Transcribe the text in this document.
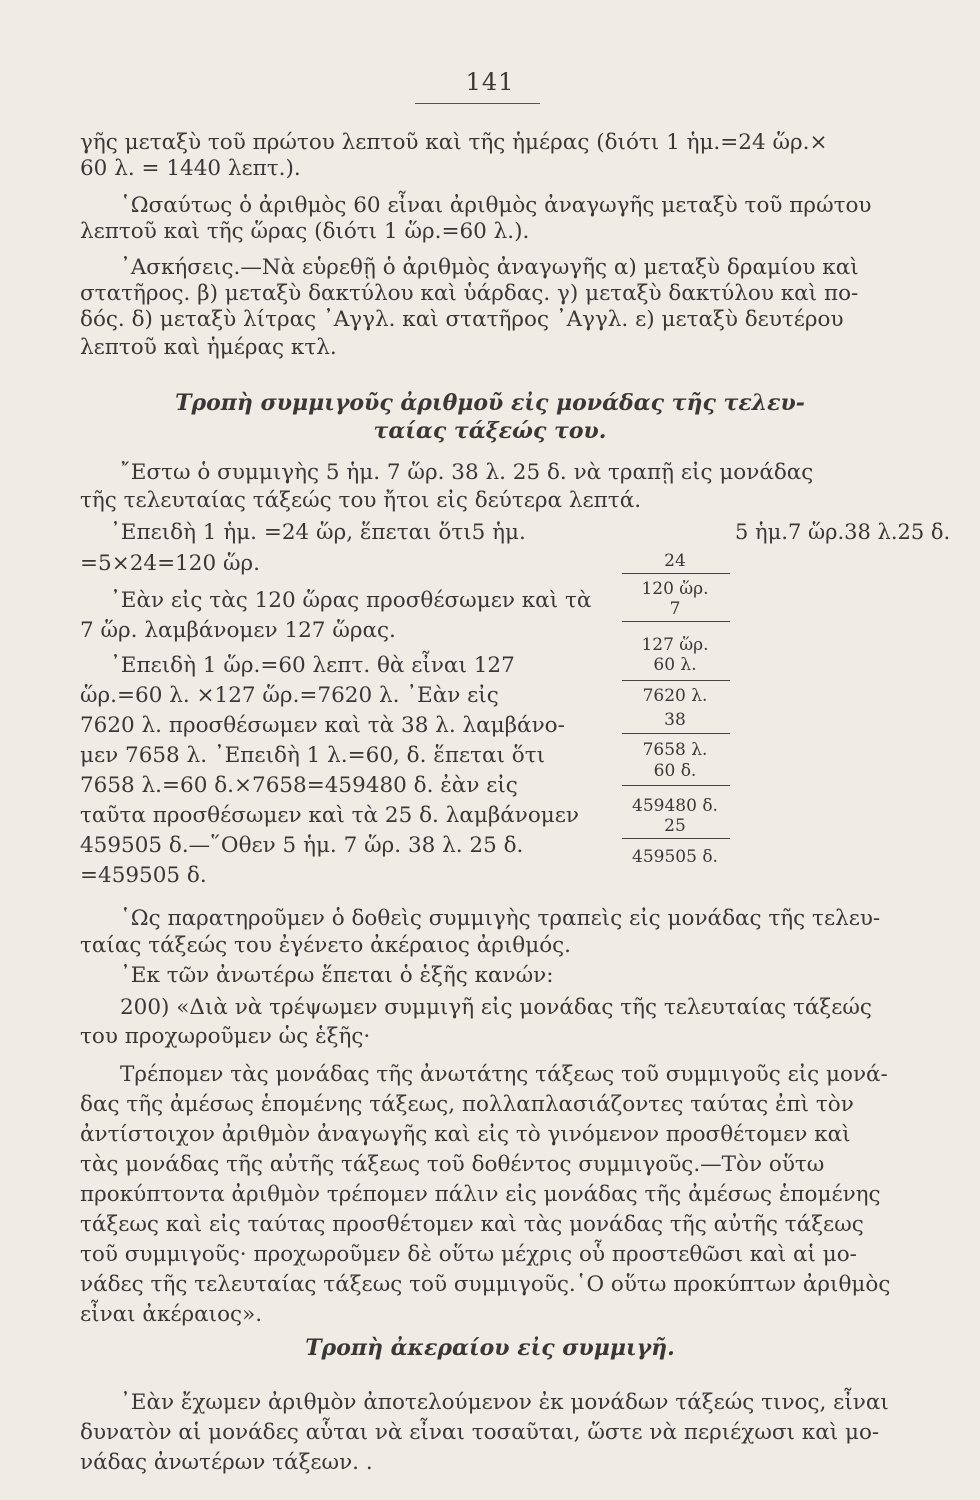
141
γῆς μεταξὺ τοῦ πρώτου λεπτοῦ καὶ τῆς ἡμέρας (διότι 1 ἡμ.=24 ὥρ.×
60 λ. = 1440 λεπτ.).
῾Ωσαύτως ὁ ἀριθμὸς 60 εἶναι ἀριθμὸς ἀναγωγῆς μεταξὺ τοῦ πρώτου
λεπτοῦ καὶ τῆς ὥρας (διότι 1 ὥρ.=60 λ.).
᾿Ασκήσεις.—Νὰ εὑρεθῇ ὁ ἀριθμὸς ἀναγωγῆς α) μεταξὺ δραμίου καὶ
στατῆρος. β) μεταξὺ δακτύλου καὶ ὑάρδας. γ) μεταξὺ δακτύλου καὶ πο-
δός. δ) μεταξὺ λίτρας ᾿Αγγλ. καὶ στατῆρος ᾿Αγγλ. ε) μεταξὺ δευτέρου
λεπτοῦ καὶ ἡμέρας κτλ.
Τροπὴ συμμιγοῦς ἀριθμοῦ εἰς μονάδας τῆς τελευ-
ταίας τάξεώς του.
῎Εστω ὁ συμμιγὴς 5 ἡμ. 7 ὥρ. 38 λ. 25 δ. νὰ τραπῇ εἰς μονάδας
τῆς τελευταίας τάξεώς του ἤτοι εἰς δεύτερα λεπτά.
᾿Επειδὴ 1 ἡμ. =24 ὥρ, ἕπεται ὅτι5 ἡμ.
=5×24=120 ὥρ.
᾿Εὰν εἰς τὰς 120 ὥρας προσθέσωμεν καὶ τὰ
7 ὥρ. λαμβάνομεν 127 ὥρας.
᾿Επειδὴ 1 ὥρ.=60 λεπτ. θὰ εἶναι 127
ὥρ.=60 λ. ×127 ὥρ.=7620 λ. ᾿Εὰν εἰς
7620 λ. προσθέσωμεν καὶ τὰ 38 λ. λαμβάνο-
μεν 7658 λ. ᾿Επειδὴ 1 λ.=60, δ. ἕπεται ὅτι
7658 λ.=60 δ.×7658=459480 δ. ἐὰν εἰς
ταῦτα προσθέσωμεν καὶ τὰ 25 δ. λαμβάνομεν
459505 δ.—῞Οθεν 5 ἡμ. 7 ὥρ. 38 λ. 25 δ.
=459505 δ.
5 ἡμ.7 ὥρ.38 λ.25 δ.
24
120 ὥρ.
7
127 ὥρ.
60 λ.
7620 λ.
38
7658 λ.
60 δ.
459480 δ.
25
459505 δ.
῾Ως παρατηροῦμεν ὁ δοθεὶς συμμιγὴς τραπεὶς εἰς μονάδας τῆς τελευ-
ταίας τάξεώς του ἐγένετο ἀκέραιος ἀριθμός.
᾿Εκ τῶν ἀνωτέρω ἕπεται ὁ ἑξῆς κανών:
200) «Διὰ νὰ τρέψωμεν συμμιγῆ εἰς μονάδας τῆς τελευταίας τάξεώς
του προχωροῦμεν ὡς ἑξῆς·
Τρέπομεν τὰς μονάδας τῆς ἀνωτάτης τάξεως τοῦ συμμιγοῦς εἰς μονά-
δας τῆς ἀμέσως ἑπομένης τάξεως, πολλαπλασιάζοντες ταύτας ἐπὶ τὸν
ἀντίστοιχον ἀριθμὸν ἀναγωγῆς καὶ εἰς τὸ γινόμενον προσθέτομεν καὶ
τὰς μονάδας τῆς αὐτῆς τάξεως τοῦ δοθέντος συμμιγοῦς.—Τὸν οὕτω
προκύπτοντα ἀριθμὸν τρέπομεν πάλιν εἰς μονάδας τῆς ἀμέσως ἑπομένης
τάξεως καὶ εἰς ταύτας προσθέτομεν καὶ τὰς μονάδας τῆς αὐτῆς τάξεως
τοῦ συμμιγοῦς· προχωροῦμεν δὲ οὕτω μέχρις οὗ προστεθῶσι καὶ αἱ μο-
νάδες τῆς τελευταίας τάξεως τοῦ συμμιγοῦς.῾Ο οὕτω προκύπτων ἀριθμὸς
εἶναι ἀκέραιος».
Τροπὴ ἀκεραίου εἰς συμμιγῆ.
᾿Εὰν ἔχωμεν ἀριθμὸν ἀποτελούμενον ἐκ μονάδων τάξεώς τινος, εἶναι
δυνατὸν αἱ μονάδες αὗται νὰ εἶναι τοσαῦται, ὥστε νὰ περιέχωσι καὶ μο-
νάδας ἀνωτέρων τάξεων. .
